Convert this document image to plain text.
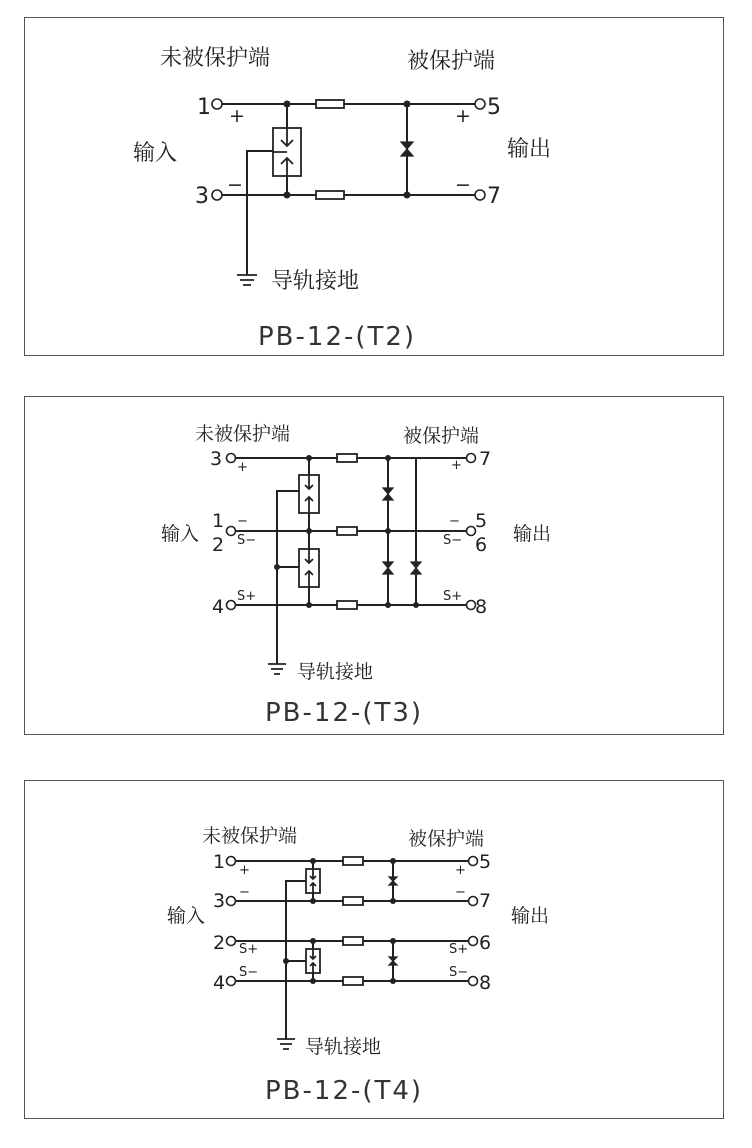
未被保护端	被保护端
输入	输出
1
3
5
7
+
−
+
−
导轨接地
PB-12-(T2)
未被保护端	被保护端
输入	输出
3
1
2
4
7
5
6
8
+
−
S−
S+
+
−
S−
S+
导轨接地
PB-12-(T3)
未被保护端	被保护端
输入	输出
1
3
2
4
5
7
6
8
+
−
S+
S−
+
−
S+
S−
导轨接地
PB-12-(T4)
